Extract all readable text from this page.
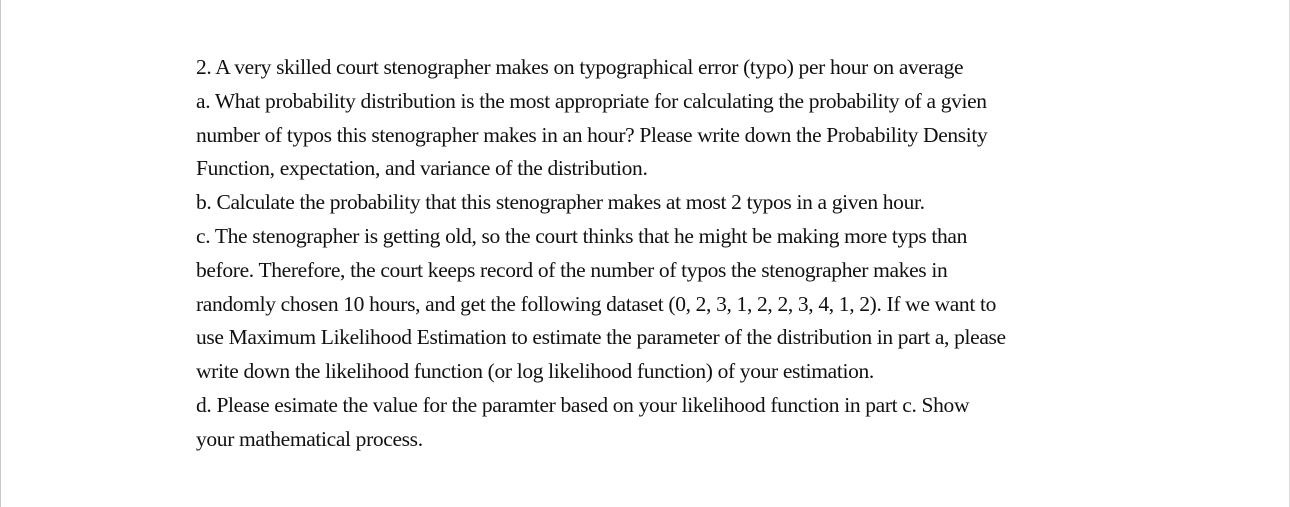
2. A very skilled court stenographer makes on typographical error (typo) per hour on average
a. What probability distribution is the most appropriate for calculating the probability of a gvien
number of typos this stenographer makes in an hour? Please write down the Probability Density
Function, expectation, and variance of the distribution.
b. Calculate the probability that this stenographer makes at most 2 typos in a given hour.
c. The stenographer is getting old, so the court thinks that he might be making more typs than
before. Therefore, the court keeps record of the number of typos the stenographer makes in
randomly chosen 10 hours, and get the following dataset (0, 2, 3, 1, 2, 2, 3, 4, 1, 2). If we want to
use Maximum Likelihood Estimation to estimate the parameter of the distribution in part a, please
write down the likelihood function (or log likelihood function) of your estimation.
d. Please esimate the value for the paramter based on your likelihood function in part c. Show
your mathematical process.
